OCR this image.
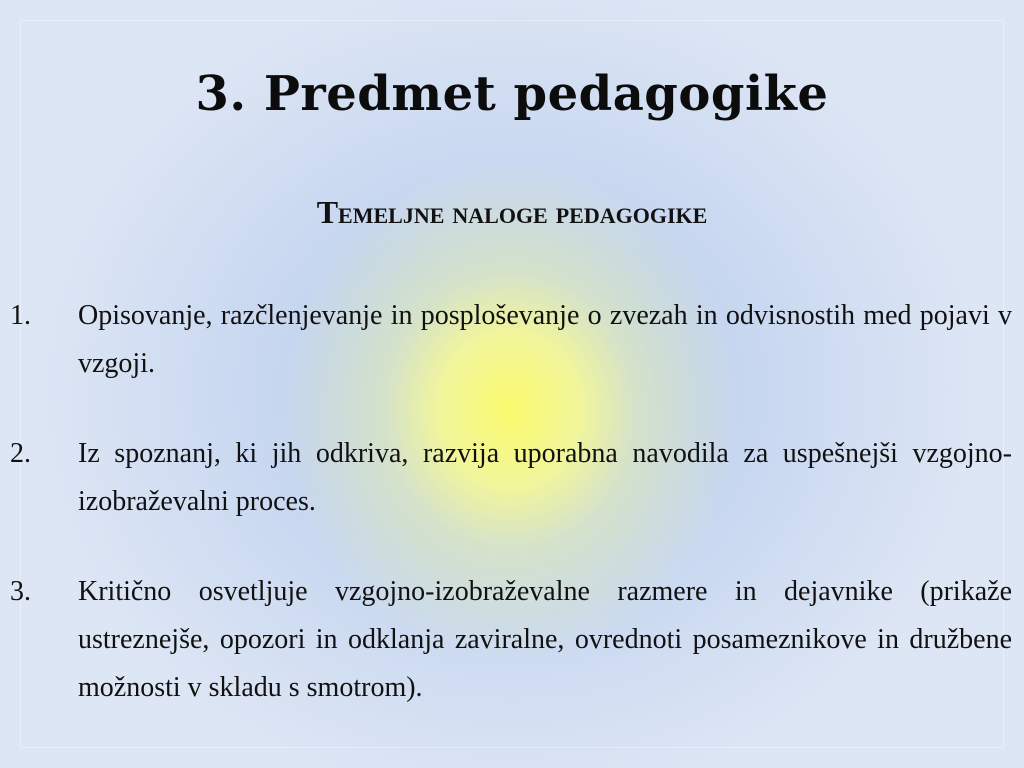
3. Predmet pedagogike
Temeljne naloge pedagogike
1. Opisovanje, razčlenjevanje in posploševanje o zvezah in odvisnostih med pojavi v vzgoji.
2. Iz spoznanj, ki jih odkriva, razvija uporabna navodila za uspešnejši vzgojno-izobraževalni proces.
3. Kritično osvetljuje vzgojno-izobraževalne razmere in dejavnike (prikaže ustreznejše, opozori in odklanja zaviralne, ovrednoti posameznikove in družbene možnosti v skladu s smotrom).
